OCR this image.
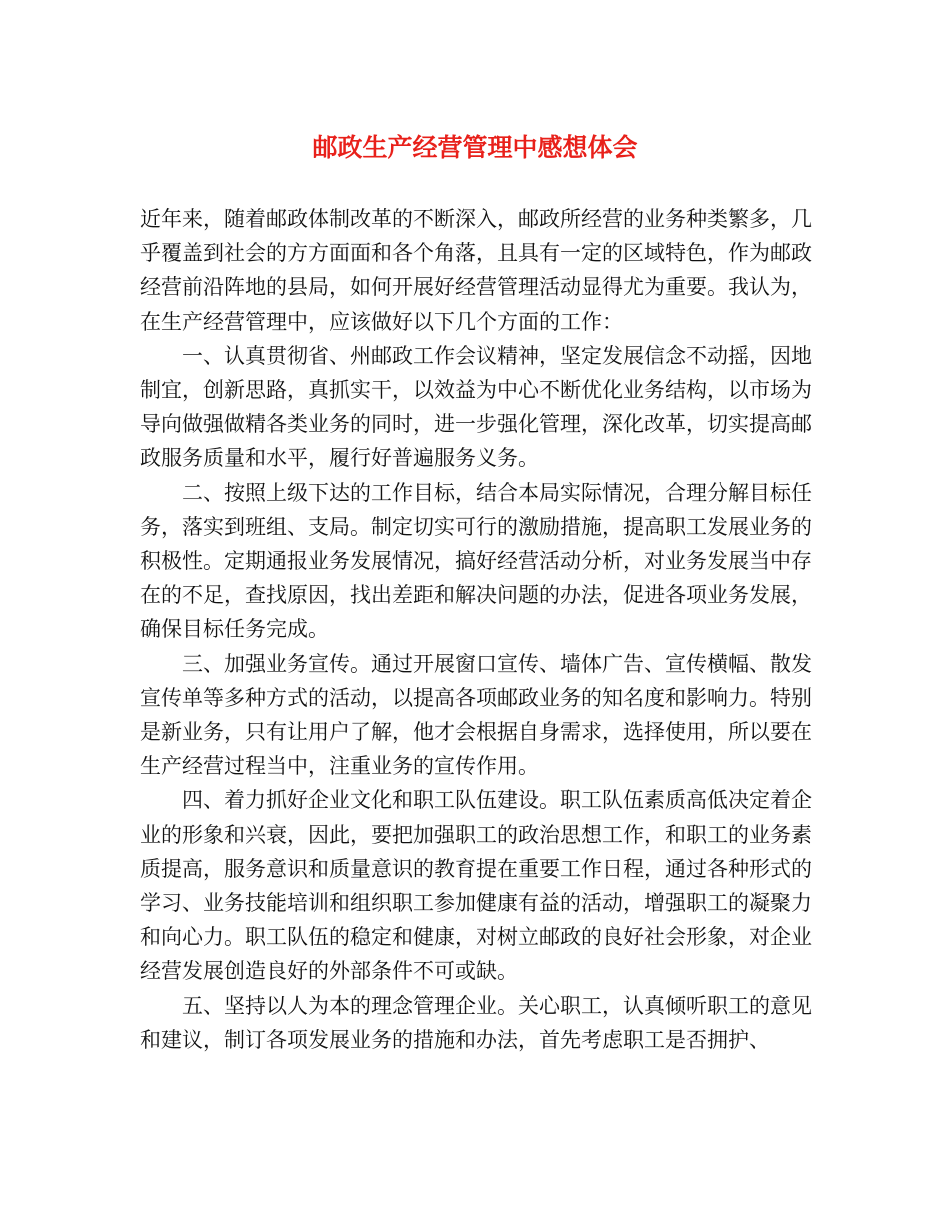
邮政生产经营管理中感想体会

近年来，随着邮政体制改革的不断深入，邮政所经营的业务种类繁多，几乎覆盖到社会的方方面面和各个角落，且具有一定的区域特色，作为邮政经营前沿阵地的县局，如何开展好经营管理活动显得尤为重要。我认为，在生产经营管理中，应该做好以下几个方面的工作：

一、认真贯彻省、州邮政工作会议精神，坚定发展信念不动摇，因地制宜，创新思路，真抓实干，以效益为中心不断优化业务结构，以市场为导向做强做精各类业务的同时，进一步强化管理，深化改革，切实提高邮政服务质量和水平，履行好普遍服务义务。

二、按照上级下达的工作目标，结合本局实际情况，合理分解目标任务，落实到班组、支局。制定切实可行的激励措施，提高职工发展业务的积极性。定期通报业务发展情况，搞好经营活动分析，对业务发展当中存在的不足，查找原因，找出差距和解决问题的办法，促进各项业务发展，确保目标任务完成。

三、加强业务宣传。通过开展窗口宣传、墙体广告、宣传横幅、散发宣传单等多种方式的活动，以提高各项邮政业务的知名度和影响力。特别是新业务，只有让用户了解，他才会根据自身需求，选择使用，所以要在生产经营过程当中，注重业务的宣传作用。

四、着力抓好企业文化和职工队伍建设。职工队伍素质高低决定着企业的形象和兴衰，因此，要把加强职工的政治思想工作，和职工的业务素质提高，服务意识和质量意识的教育提在重要工作日程，通过各种形式的学习、业务技能培训和组织职工参加健康有益的活动，增强职工的凝聚力和向心力。职工队伍的稳定和健康，对树立邮政的良好社会形象，对企业经营发展创造良好的外部条件不可或缺。

五、坚持以人为本的理念管理企业。关心职工，认真倾听职工的意见和建议，制订各项发展业务的措施和办法，首先考虑职工是否拥护、
